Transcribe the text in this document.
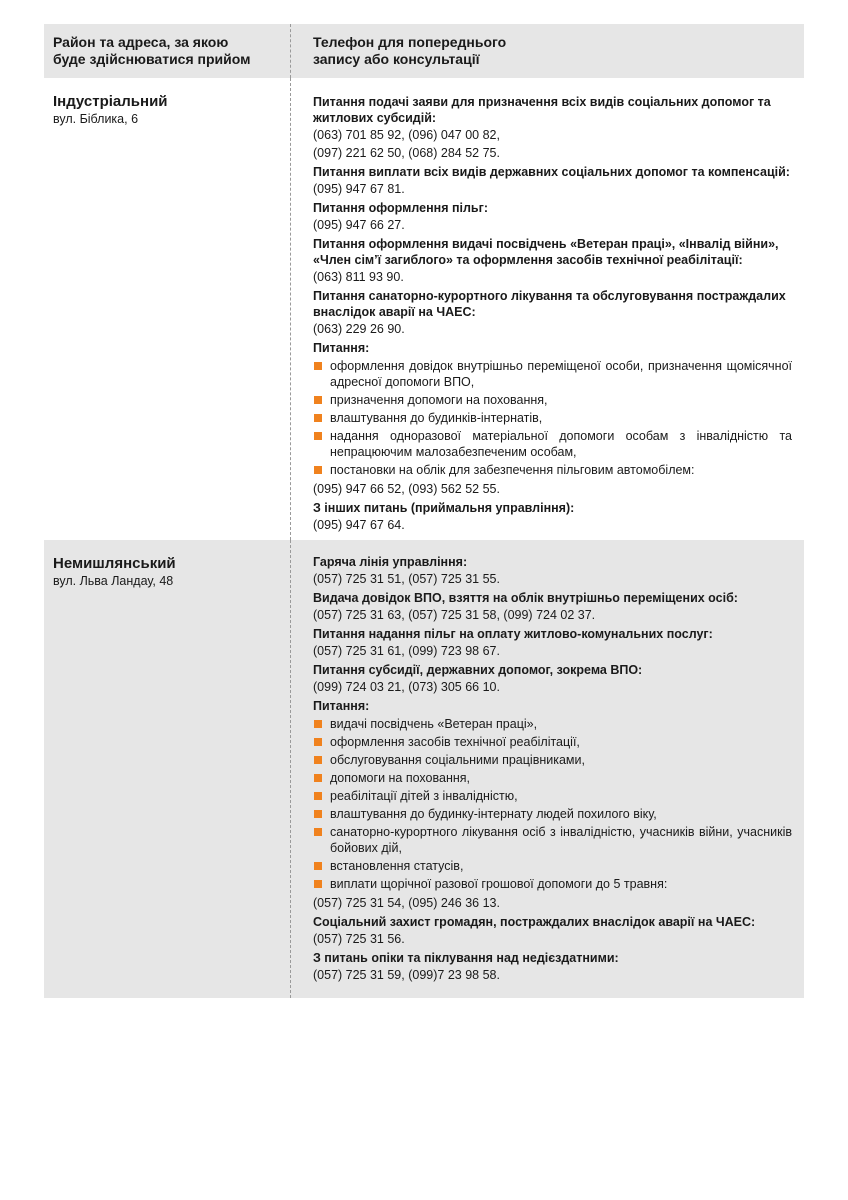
Район та адреса, за якою
буде здійснюватися прийом
Телефон для попереднього
запису або консультації
Індустріальний
вул. Біблика, 6
Питання подачі заяви для призначення всіх видів соціальних допомог та житлових субсидій:
(063) 701 85 92, (096) 047 00 82,
(097) 221 62 50, (068) 284 52 75.
Питання виплати всіх видів державних соціальних допомог та компенсацій:
(095) 947 67 81.
Питання оформлення пільг:
(095) 947 66 27.
Питання оформлення видачі посвідчень «Ветеран праці», «Інвалід війни», «Член сім’ї загиблого» та оформлення засобів технічної реабілітації:
(063) 811 93 90.
Питання санаторно-курортного лікування та обслуговування постраждалих внаслідок аварії на ЧАЕС:
(063) 229 26 90.
Питання:
оформлення довідок внутрішньо переміщеної особи, призначення щомісячної адресної допомоги ВПО,
призначення допомоги на поховання,
влаштування до будинків-інтернатів,
надання одноразової матеріальної допомоги особам з інвалідністю та непрацюючим малозабезпеченим особам,
постановки на облік для забезпечення пільговим автомобілем:
(095) 947 66 52, (093) 562 52 55.
З інших питань (приймальня управління):
(095) 947 67 64.
Немишлянський
вул. Льва Ландау, 48
Гаряча лінія управління:
(057) 725 31 51, (057) 725 31 55.
Видача довідок ВПО, взяття на облік внутрішньо переміщених осіб:
(057) 725 31 63, (057) 725 31 58, (099) 724 02 37.
Питання надання пільг на оплату житлово-комунальних послуг:
(057) 725 31 61, (099) 723 98 67.
Питання субсидії, державних допомог, зокрема ВПО:
(099) 724 03 21, (073) 305 66 10.
Питання:
видачі посвідчень «Ветеран праці»,
оформлення засобів технічної реабілітації,
обслуговування соціальними працівниками,
допомоги на поховання,
реабілітації дітей з інвалідністю,
влаштування до будинку-інтернату людей похилого віку,
санаторно-курортного лікування осіб з інвалідністю, учасників війни, учасників бойових дій,
встановлення статусів,
виплати щорічної разової грошової допомоги до 5 травня:
(057) 725 31 54, (095) 246 36 13.
Соціальний захист громадян, постраждалих внаслідок аварії на ЧАЕС:
(057) 725 31 56.
З питань опіки та піклування над недієздатними:
(057) 725 31 59, (099)7 23 98 58.
